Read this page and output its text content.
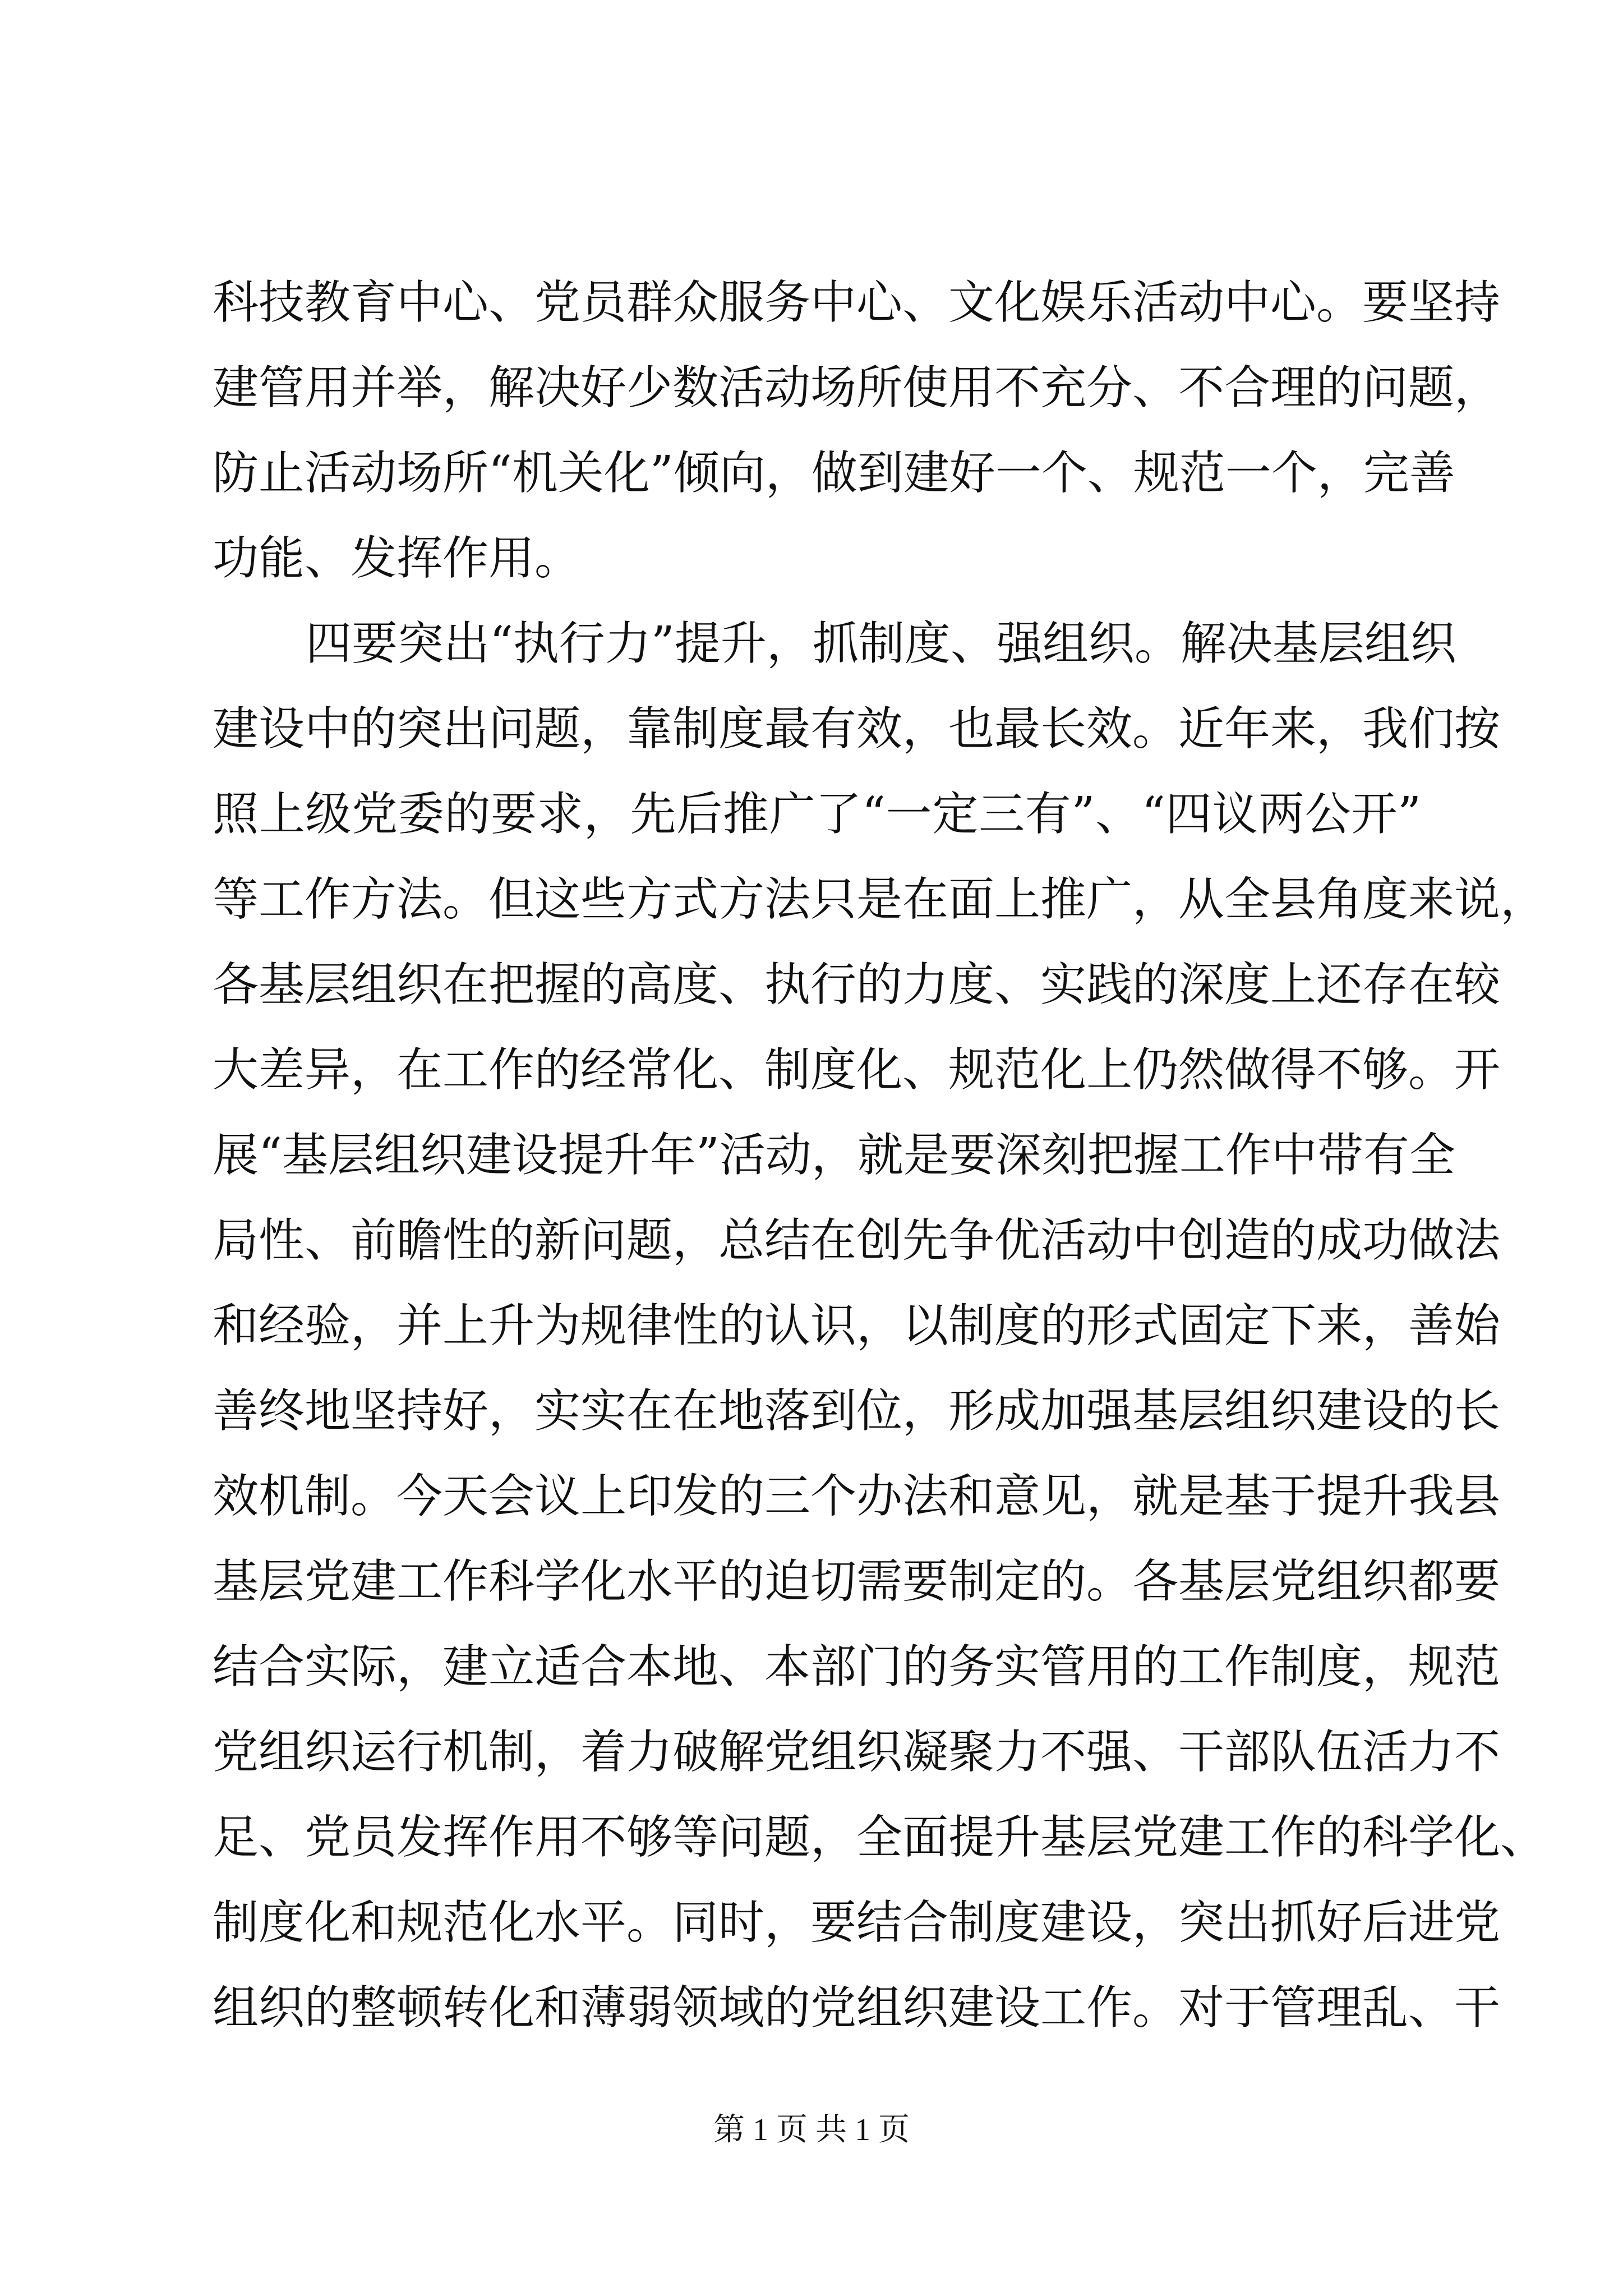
科技教育中心、党员群众服务中心、文化娱乐活动中心。要坚持
建管用并举，解决好少数活动场所使用不充分、不合理的问题，
防止活动场所“机关化”倾向，做到建好一个、规范一个，完善
功能、发挥作用。
四要突出“执行力”提升，抓制度、强组织。解决基层组织
建设中的突出问题，靠制度最有效，也最长效。近年来，我们按
照上级党委的要求，先后推广了“一定三有”、“四议两公开”
等工作方法。但这些方式方法只是在面上推广，从全县角度来说，
各基层组织在把握的高度、执行的力度、实践的深度上还存在较
大差异，在工作的经常化、制度化、规范化上仍然做得不够。开
展“基层组织建设提升年”活动，就是要深刻把握工作中带有全
局性、前瞻性的新问题，总结在创先争优活动中创造的成功做法
和经验，并上升为规律性的认识，以制度的形式固定下来，善始
善终地坚持好，实实在在地落到位，形成加强基层组织建设的长
效机制。今天会议上印发的三个办法和意见，就是基于提升我县
基层党建工作科学化水平的迫切需要制定的。各基层党组织都要
结合实际，建立适合本地、本部门的务实管用的工作制度，规范
党组织运行机制，着力破解党组织凝聚力不强、干部队伍活力不
足、党员发挥作用不够等问题，全面提升基层党建工作的科学化、
制度化和规范化水平。同时，要结合制度建设，突出抓好后进党
组织的整顿转化和薄弱领域的党组织建设工作。对于管理乱、干
第 1 页 共 1 页
